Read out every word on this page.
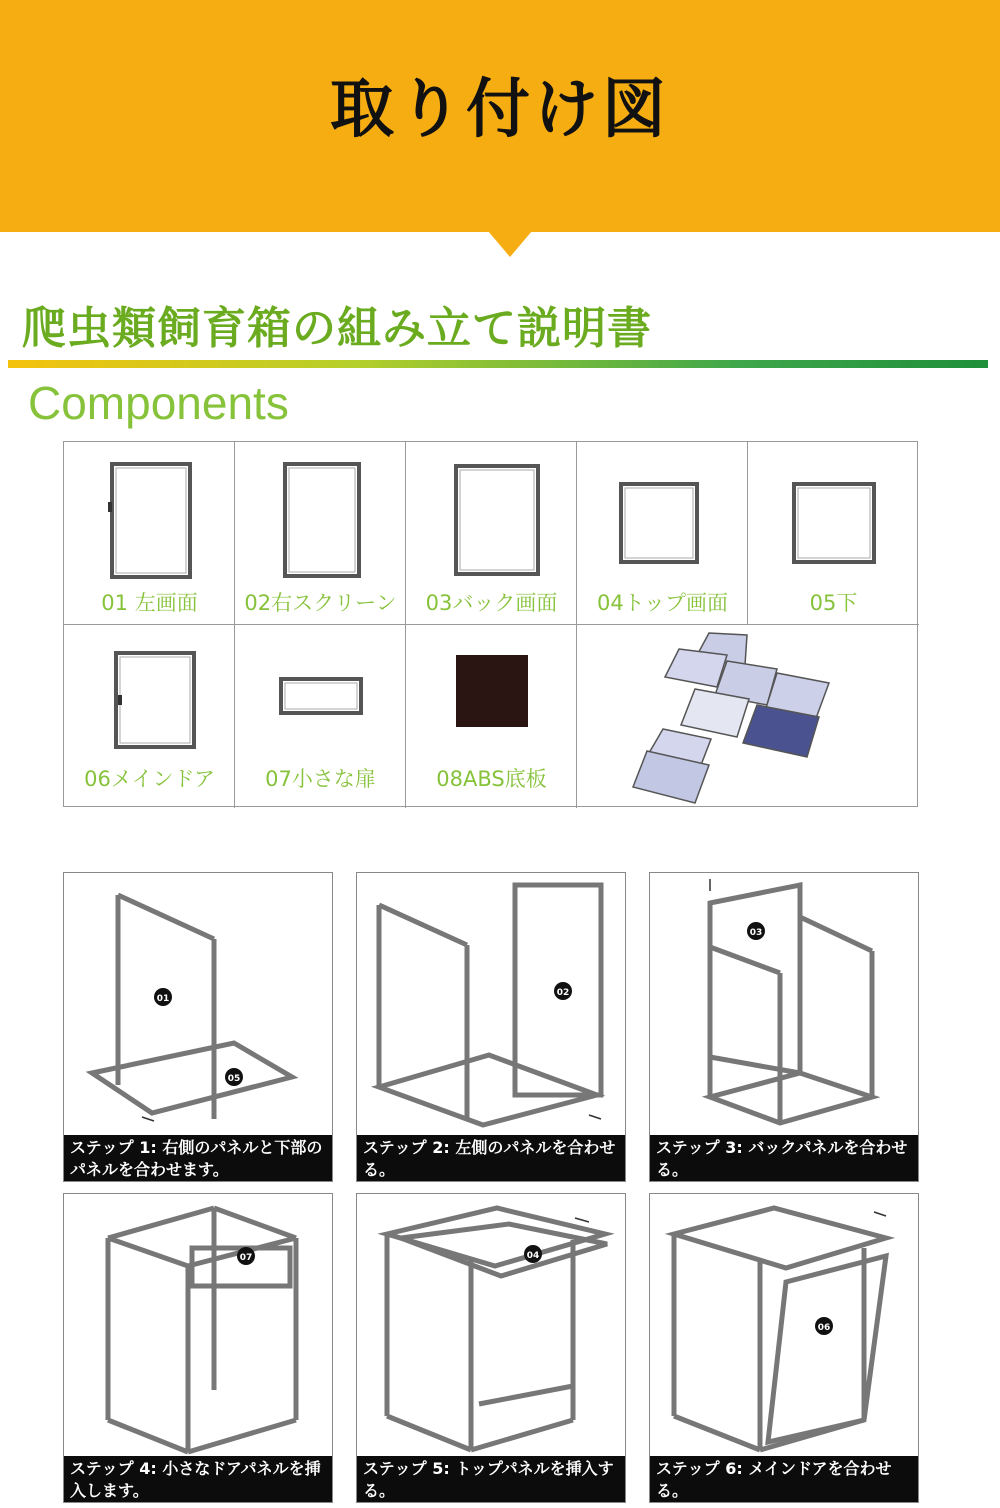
取り付け図
爬虫類飼育箱の組み立て説明書
Components
01 左画面	02右スクリーン	03バック画面	04トップ画面	05下
06メインドア	07小さな扉	08ABS底板
01
05
ステップ 1: 右側のパネルと下部のパネルを合わせます。
02
ステップ 2: 左側のパネルを合わせる。
03
ステップ 3: バックパネルを合わせる。
07
ステップ 4: 小さなドアパネルを挿入します。
04
ステップ 5: トップパネルを挿入する。
06
ステップ 6: メインドアを合わせる。
